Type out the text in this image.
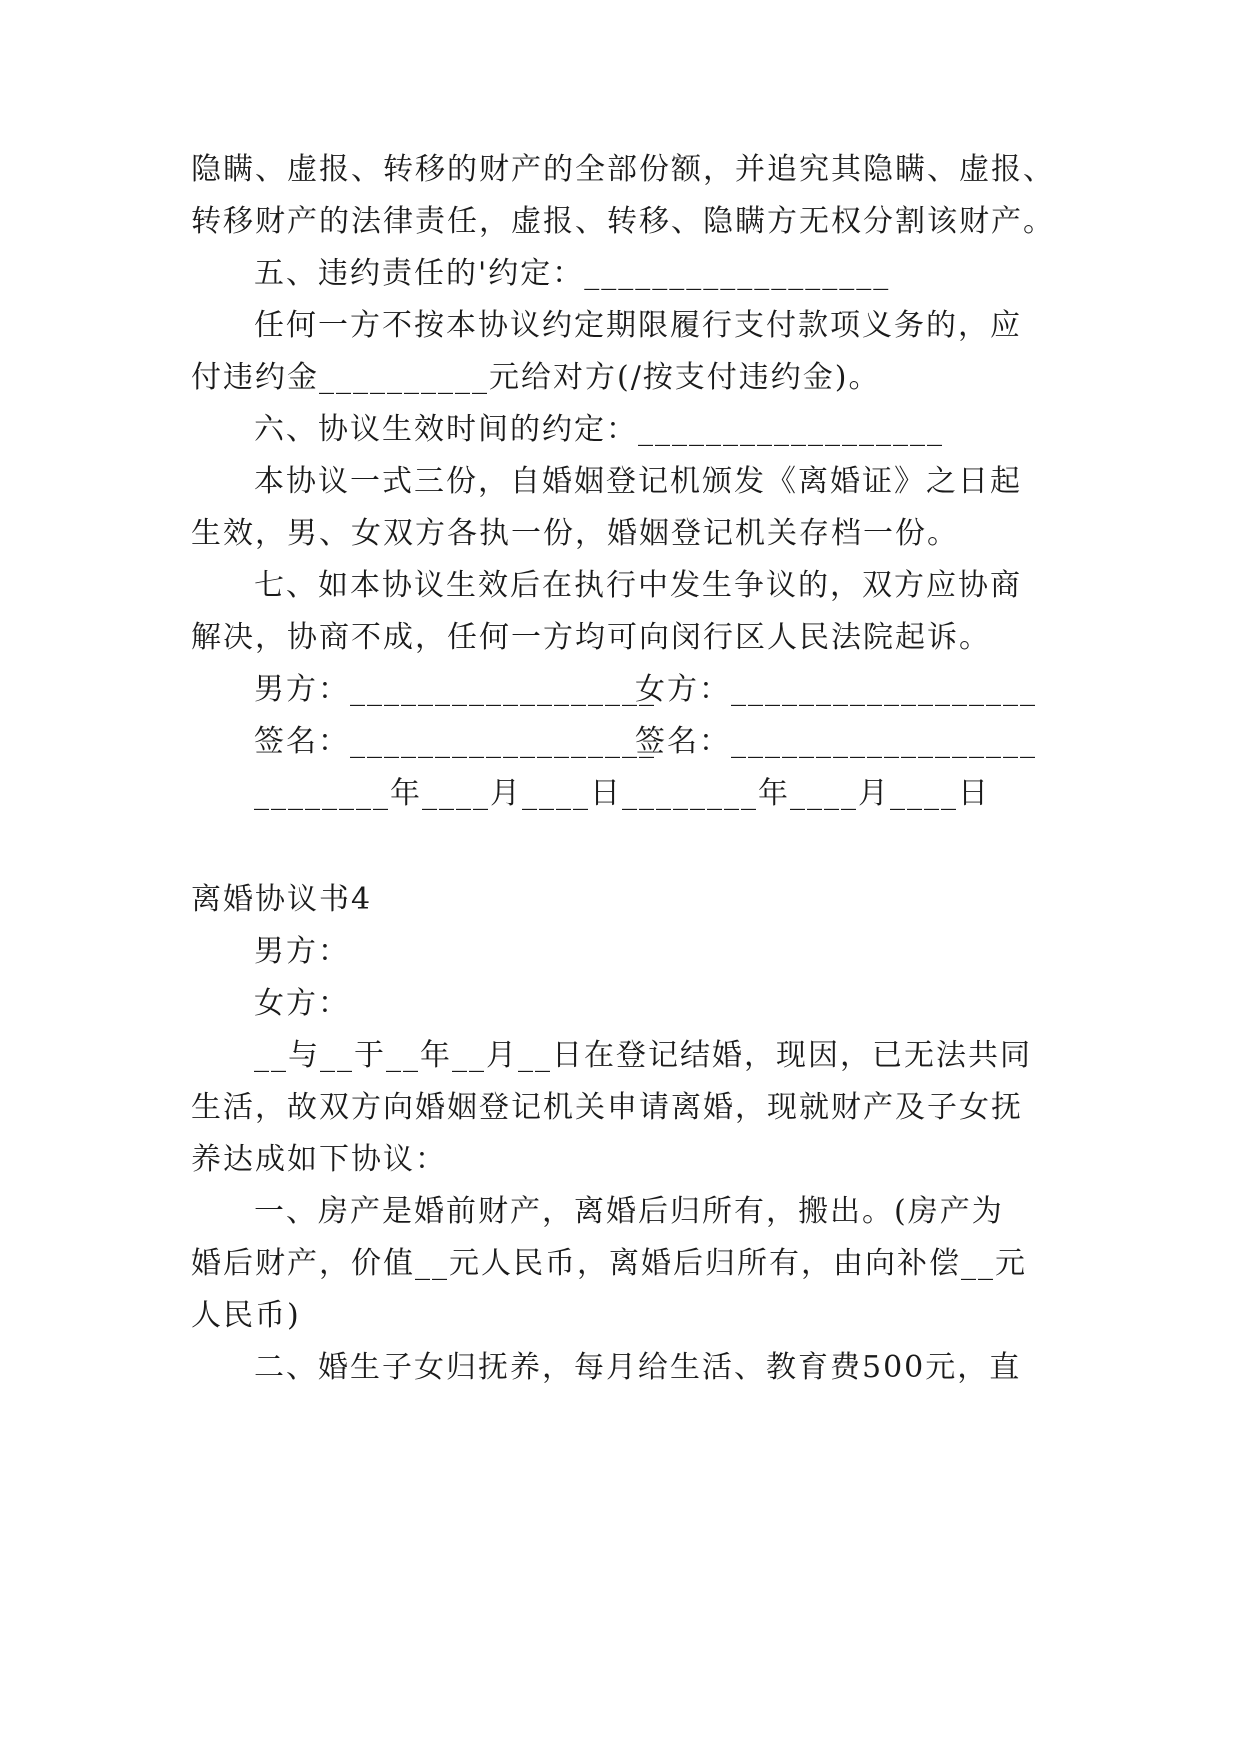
隐瞒、虚报、转移的财产的全部份额，并追究其隐瞒、虚报、
转移财产的法律责任，虚报、转移、隐瞒方无权分割该财产。
五、违约责任的'约定：__________________
任何一方不按本协议约定期限履行支付款项义务的，应
付违约金__________元给对方(/按支付违约金)。
六、协议生效时间的约定：__________________
本协议一式三份，自婚姻登记机颁发《离婚证》之日起
生效，男、女双方各执一份，婚姻登记机关存档一份。
七、如本协议生效后在执行中发生争议的，双方应协商
解决，协商不成，任何一方均可向闵行区人民法院起诉。
男方：__________________
女方：__________________
签名：__________________
签名：__________________
________年____月____日________年____月____日
离婚协议书4
男方：
女方：
__与__于__年__月__日在登记结婚，现因，已无法共同
生活，故双方向婚姻登记机关申请离婚，现就财产及子女抚
养达成如下协议：
一、房产是婚前财产，离婚后归所有，搬出。(房产为
婚后财产，价值__元人民币，离婚后归所有，由向补偿__元
人民币)
二、婚生子女归抚养，每月给生活、教育费500元，直
